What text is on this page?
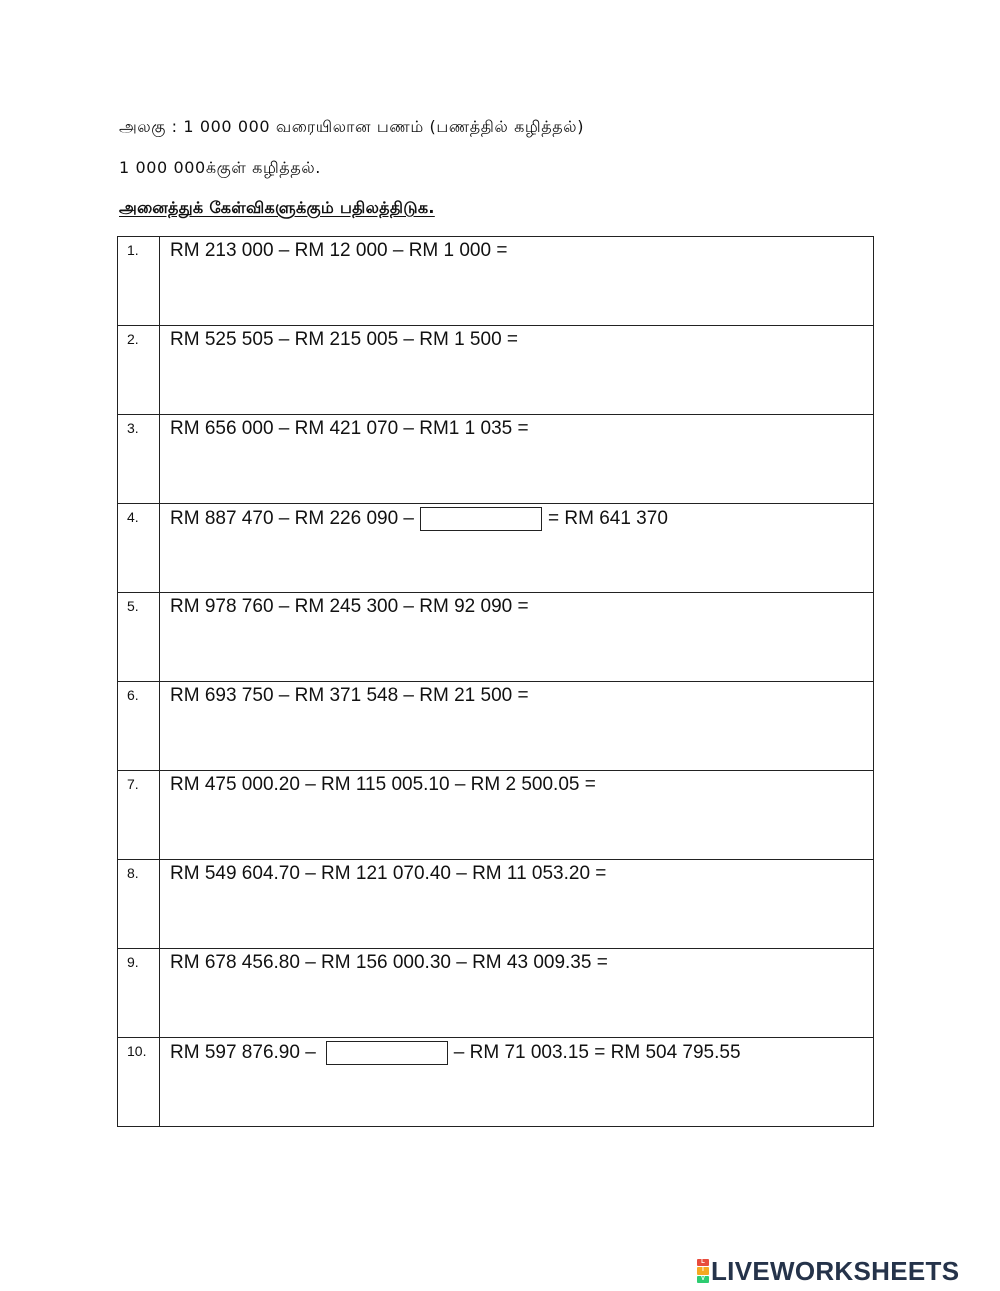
அலகு : 1 000 000 வரையிலான பணம் (பணத்தில் கழித்தல்)
1 000 000க்குள் கழித்தல்.
அனைத்துக் கேள்விகளுக்கும் பதிலத்திடுக.
1.	RM 213 000 – RM 12 000 – RM 1 000 =
2.	RM 525 505 – RM 215 005 – RM 1 500 =
3.	RM 656 000 – RM 421 070 – RM1 1 035 =
4.	RM 887 470 – RM 226 090 – = RM 641 370
5.	RM 978 760 – RM 245 300 – RM 92 090 =
6.	RM 693 750 – RM 371 548 – RM 21 500 =
7.	RM 475 000.20 – RM 115 005.10 – RM 2 500.05 =
8.	RM 549 604.70 – RM 121 070.40 – RM 11 053.20 =
9.	RM 678 456.80 – RM 156 000.30 – RM 43 009.35 =
10.	RM 597 876.90 – – RM 71 003.15 = RM 504 795.55
L
I
V LIVEWORKSHEETS
